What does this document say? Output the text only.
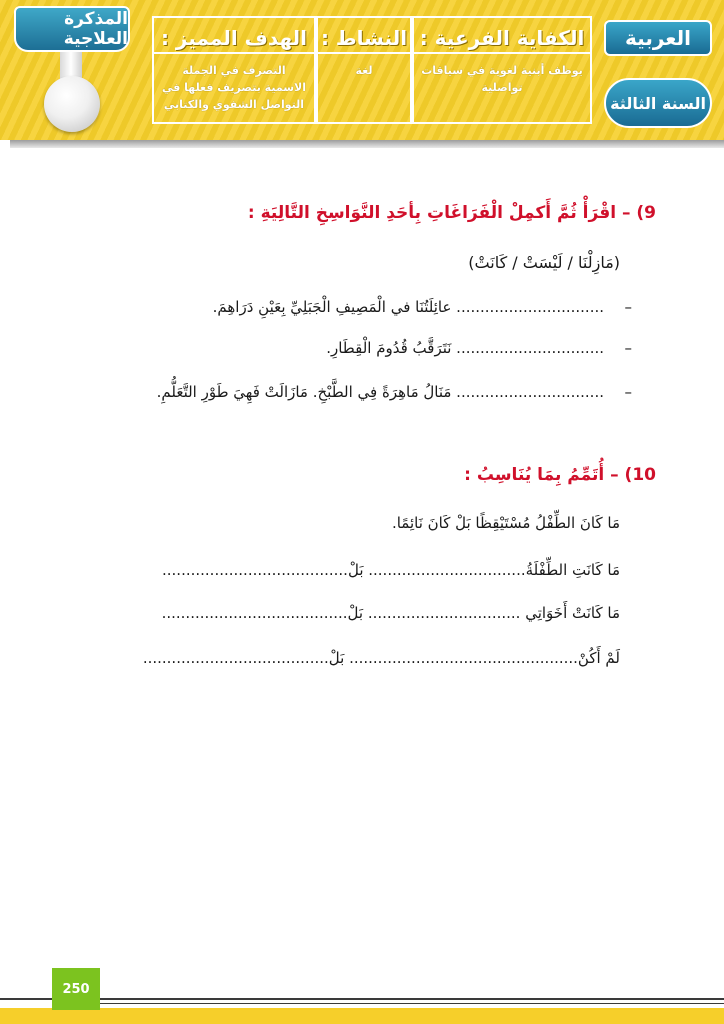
المذكرة العلاجية	الهدف المميز :
التصرف في الجملة الاسمية بتصريف فعلها في التواصل الشفوي والكتابي
النشاط :
لغة
الكفاية الفرعية :
يوظف أبنية لغوية في سياقات تواصلية
العربية
السنة الثالثة
9) – اقْرَأْ ثُمَّ أَكمِلْ الْفَرَاغَاتِ بِأحَدِ النَّوَاسِخِ التَّالِيَةِ :
(مَازِلْنَا / لَيْسَتْ / كَانَتْ)
............................... عائِلَتُنَا في الْمَصِيفِ الْجَبَلِيِّ بِعَيْنِ دَرَاهِمَ. –
............................... نَتَرَقَّبُ قُدُومَ الْقِطَارِ. –
............................... مَنَالُ مَاهِرَةً فِي الطَّبْخِ. مَازَالَتْ فَهِيَ طَوْرِ التَّعَلُّمِ. –
10) – أُتَمِّمُ بِمَا يُنَاسِبُ :
مَا كَانَ الطِّفْلُ مُسْتَيْقِظًا بَلْ كَانَ نَائِمًا.
مَا كَانَتِ الطِّفْلَةُ................................. بَلْ.......................................
مَا كَانَتْ أَخَوَاتِي ................................ بَلْ.......................................
لَمْ أَكُنْ................................................ بَلْ.......................................
250
